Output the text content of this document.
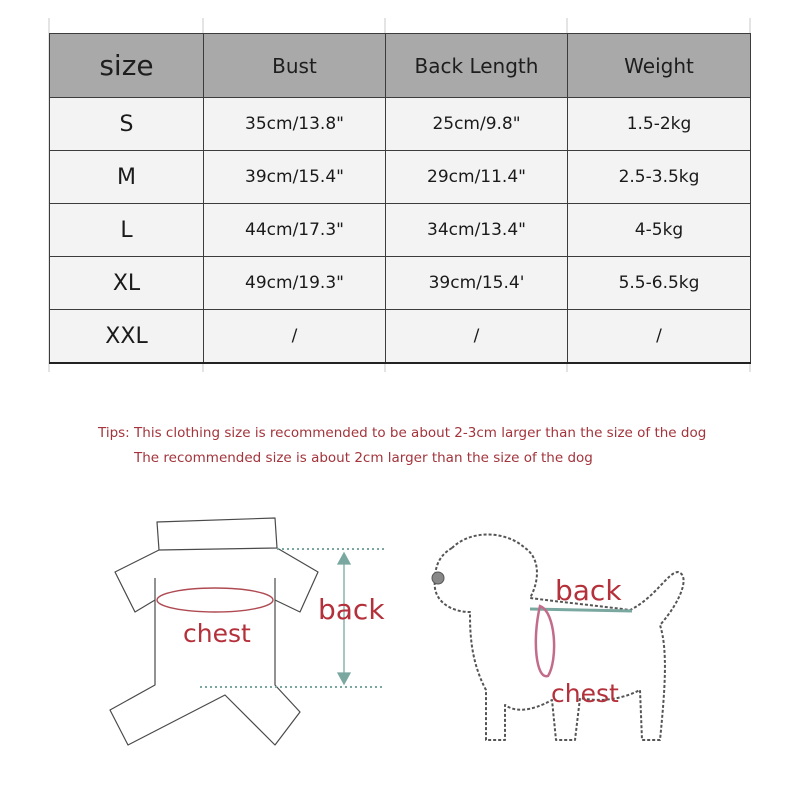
size	Bust	Back Length	Weight
S	35cm/13.8"	25cm/9.8"	1.5-2kg
M	39cm/15.4"	29cm/11.4"	2.5-3.5kg
L	44cm/17.3"	34cm/13.4"	4-5kg
XL	49cm/19.3"	39cm/15.4'	5.5-6.5kg
XXL	/	/	/
Tips: This clothing size is recommended to be about 2-3cm larger than the size of the dog
The recommended size is about 2cm larger than the size of the dog
chest
back
back
chest
